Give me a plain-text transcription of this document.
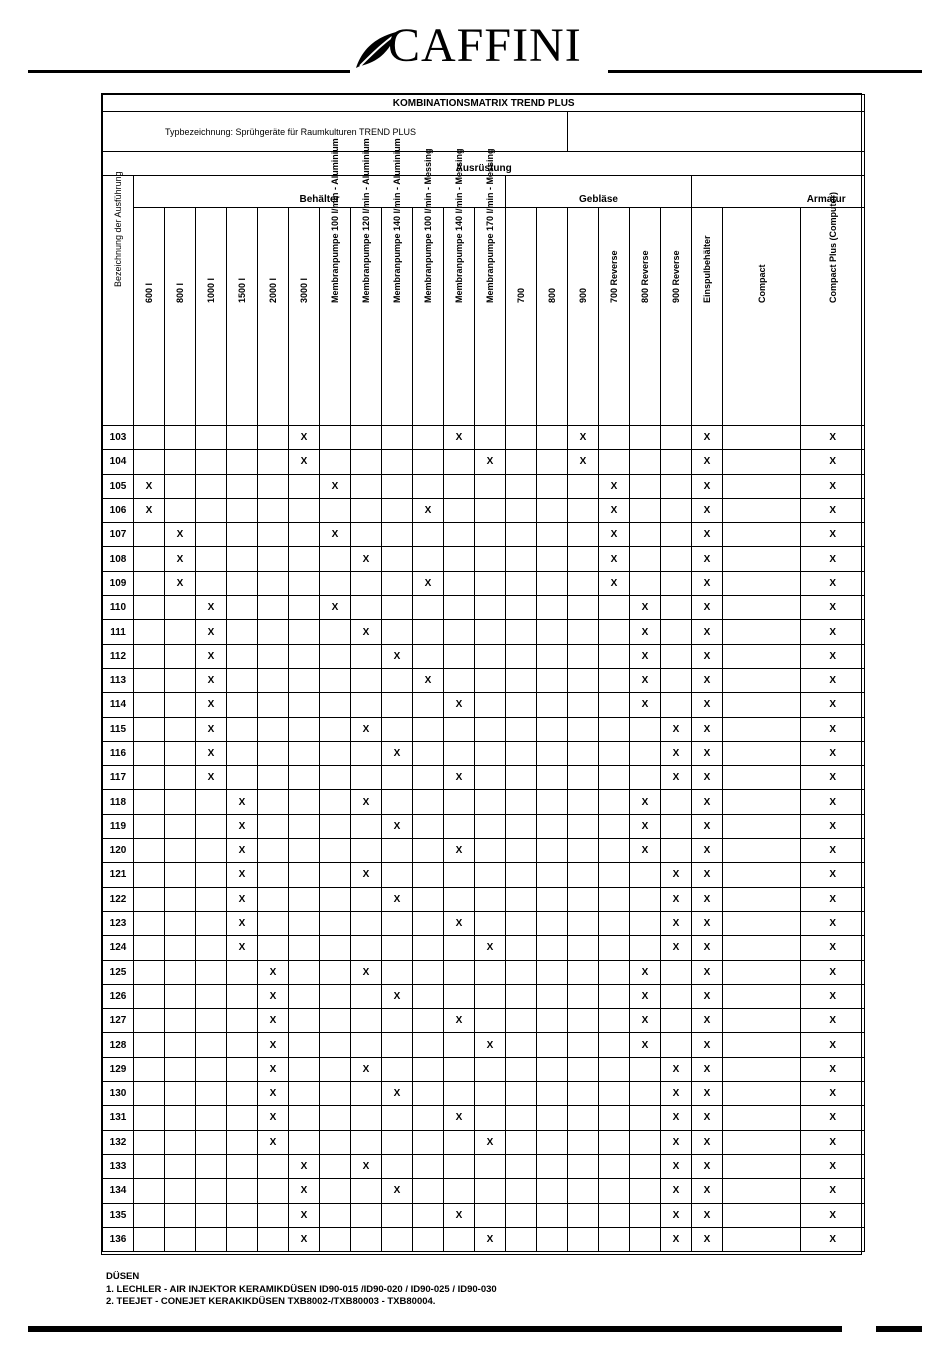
CAFFINI
KOMBINATIONSMATRIX TREND PLUS																					
Typbezeichnung: Sprühgeräte für Raumkulturen TREND PLUS																					
Ausrüstung																					

Bezeichnung der Ausführung	Behälter												Gebläse						Armatur		

	600 l	800 l	1000 l	1500 l	2000 l	3000 l	Membranpumpe 100 l/min - Aluminium	Membranpumpe 120 l/min - Aluminium	Membranpumpe 140 l/min - Aluminium	Membranpumpe 100 l/min - Messing	Membranpumpe 140 l/min - Messing	Membranpumpe 170 l/min - Messing	700	800	900	700 Reverse	800 Reverse	900 Reverse	Einspulbehälter	Compact	Compact Plus (Computer)

103						X					X				X				X		X
104						X						X			X				X		X
105	X						X									X			X		X
106	X									X						X			X		X
107		X					X									X			X		X
108		X						X								X			X		X
109		X								X						X			X		X
110			X				X										X		X		X
111			X					X									X		X		X
112			X						X								X		X		X
113			X							X							X		X		X
114			X								X						X		X		X
115			X					X										X	X		X
116			X						X									X	X		X
117			X								X							X	X		X
118				X				X									X		X		X
119				X					X								X		X		X
120				X							X						X		X		X
121				X				X										X	X		X
122				X					X									X	X		X
123				X							X							X	X		X
124				X								X						X	X		X
125					X			X									X		X		X
126					X				X								X		X		X
127					X						X						X		X		X
128					X							X					X		X		X
129					X			X										X	X		X
130					X				X									X	X		X
131					X						X							X	X		X
132					X							X						X	X		X
133						X		X										X	X		X
134						X			X									X	X		X
135						X					X							X	X		X
136						X						X						X	X		X
DÜSEN
1. LECHLER - AIR INJEKTOR KERAMIKDÜSEN ID90-015 /ID90-020 / ID90-025 / ID90-030
2. TEEJET - CONEJET KERAKIKDÜSEN TXB8002-/TXB80003 - TXB80004.
